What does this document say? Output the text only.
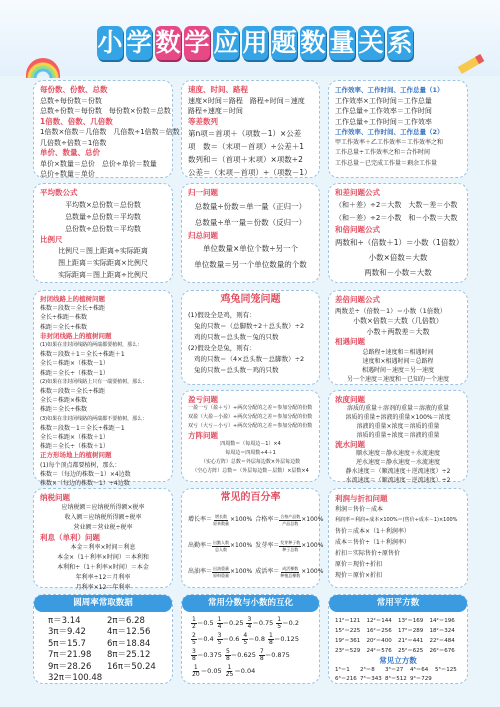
小 学 数 学 应 用 题 数 量 关 系
每份数、份数、总数
总数÷每份数＝份数
总数÷份数＝每份数　 每份数×份数＝总数
1倍数、倍数、几倍数
1倍数×倍数＝几倍数　 几倍数÷1倍数＝倍数
几倍数÷倍数＝1倍数
单价、数量、总价
单价×数量＝总价　 总价÷单价＝数量
总价÷数量＝单价
速度、时间、路程
速度×时间＝路程　 路程÷时间＝速度
路程÷速度＝时间
等差数列
第n项＝首项＋（项数－1）×公差
项　数＝（末项－首项）÷公差＋1
数列和＝（首项＋末项）×项数÷2
公差＝（末项－首项）÷（项数－1）
工作效率、工作时间、工作总量（1）
工作效率×工作时间＝工作总量
工作总量÷工作效率＝工作时间
工作总量÷工作时间＝工作效率
工作效率、工作时间、工作总量（2）
甲工作效率＋乙工作效率＝工作效率之和
工作总量÷工作效率之和＝合作时间
工作总量－已完成工作量＝剩余工作量
平均数公式
平均数×总份数＝总份数
总数量÷总份数＝平均数
总份数÷总份数＝平均数
比例尺
比例尺＝图上距离÷实际距离
图上距离＝实际距离×比例尺
实际距离＝图上距离÷比例尺
归一问题
总数量÷份数＝单一量（正归一）
总数量÷单一量＝份数（反归一）
归总问题
单位数量×单位个数÷另一个
单位数量＝另一个单位数量的个数
和差问题公式
（和＋差）÷2＝大数　 大数－差＝小数
（和－差）÷2＝小数　 和－小数＝大数
和倍问题公式
两数和÷（倍数＋1）＝小数（1倍数）
小数×倍数＝大数
两数和－小数＝大数
封闭线路上的植树问题
株数＝段数＝全长÷株距
全长÷株距－株数
株距＝全长÷株数
非封闭线路上的植树问题
(1)如果在非封闭线路的两端都要植树，那么：
株数＝段数＋1＝全长÷株距＋1
全长＝株距×（株数－1）
株距＝全长÷（株数－1）
(2)如果在非封闭线路上只有一端要植树，那么：
株数＝段数＝全长÷株距
全长＝株距×株数
株距＝全长÷株数
(3)如果在非封闭线路的两端都不要植树，那么：
株数＝段数－1＝全长÷株距－1
全长＝株距×（株数＋1）
株距＝全长÷（株数＋1）
正方形场地上的植树问题
(1)每个顶点都要植树，那么：
株数＝（每边的株数－1）×4边数
株数×（每边的株数－1）÷4边数
鸡兔同笼问题
(1)假设全是鸡，则有：
兔的只数＝（总脚数÷2＋总头数）÷2
鸡的只数＝总头数－兔的只数
(2)假设全是兔，则有：
鸡的只数＝（4×总头数－总脚数）÷2
兔的只数＝总头数－鸡的只数
差倍问题公式
两数差÷（倍数－1）＝小数（1倍数）
小数×倍数＝大数（几倍数）
小数＋两数差＝大数
相遇问题
总路程÷速度和＝相遇时间
速度和×相遇时间＝总路程
相遇时间－速度＝另一速度
另一个速度＝速度和－已知的一个速度
盈亏问题
一盈一亏（盈＋亏）÷两次分配的之差＝参加分配的份数
双盈（大盈－小盈）÷两次分配的之差＝参加分配的份数
双亏（大亏－小亏）÷两次分配的之差＝参加分配的份数
方阵问题
四周数＝（每周边－1）×4
每周边＝四周数÷4＋1
（实心方阵）总数＝外层每边数×外层每边数
（空心方阵）总数＝（外层每边数－层数）×层数×4
浓度问题
溶质的重量＋溶剂的重量＝溶液的重量
溶质的重量÷溶液的重量×100%＝浓度
溶液的重量×浓度＝溶质的重量
溶质的重量÷浓度＝溶液的重量
流水问题
顺水速度＝静水速度＋水流速度
逆水速度＝静水速度－水流速度
静水速度＝（顺流速度＋逆流速度）÷2
水流速度＝（顺流速度－逆流速度）÷2
纳税问题
应纳税额＝应纳税所得额×税率
收入额＝应纳税所得额÷税率
营业额＝营业税÷税率
利息（单利）问题
本金＝利率×时间＝利息
本金×（1＋利率×时间）＝本利和
本利和÷（1＋利率×时间）＝本金
年利率÷12＝月利率
月利率×12＝年利率
常见的百分率
增长率＝ 增长数
原来数量
×100% 合格率＝ 合格产品数
产品总数
×100%
出勤率＝ 出勤人数
总人数
×100% 发芽率＝ 发芽种子数
种子总数
×100%
出油率＝ 出油重量
原料重量
×100% 成活率＝ 成活棵数
种植总棵数
×100%
利润与折扣问题
利润＝售价－成本
利润率＝利润÷成本×100%＝(售价÷成本－1)×100%
售价＝成本×（1＋利润率）
成本＝售价÷（1＋利润率）
折扣＝实际售价÷原售价
原价＝现价÷折扣
现价＝原价×折扣
圆周率常取数据
π＝3.14	2π＝6.28
3π＝9.42	4π＝12.56
5π＝15.7	6π＝18.84
7π＝21.98	8π＝25.12
9π＝28.26	16π＝50.24
32π＝100.48
常用分数与小数的互化
$\frac{1}{2} =0.5 \frac{1}{4} =0.25 \frac{3}{4} =0.75 \frac{1}{5} =0.2$
$\frac{2}{5} =0.4 \frac{3}{5} =0.6 \frac{4}{5} =0.8 \frac{1}{8} =0.125$
$\frac{3}{8} =0.375 \frac{5}{8} =0.625 \frac{7}{8} =0.875$
$\frac{1}{20} =0.05 \frac{1}{25} =0.04$
常用平方数
11²＝121	12²＝144	13²＝169	14²＝196
15²＝225	16²＝256	17²＝289	18²＝324
19²＝361	20²＝400	21²＝441	22²＝484
23²＝529	24²＝576	25²＝625	26²＝676
常见立方数
1³＝1	2³＝8	3³＝27	4³＝64	5³＝125
6³＝216 7³＝343 8³＝512 9³＝729
